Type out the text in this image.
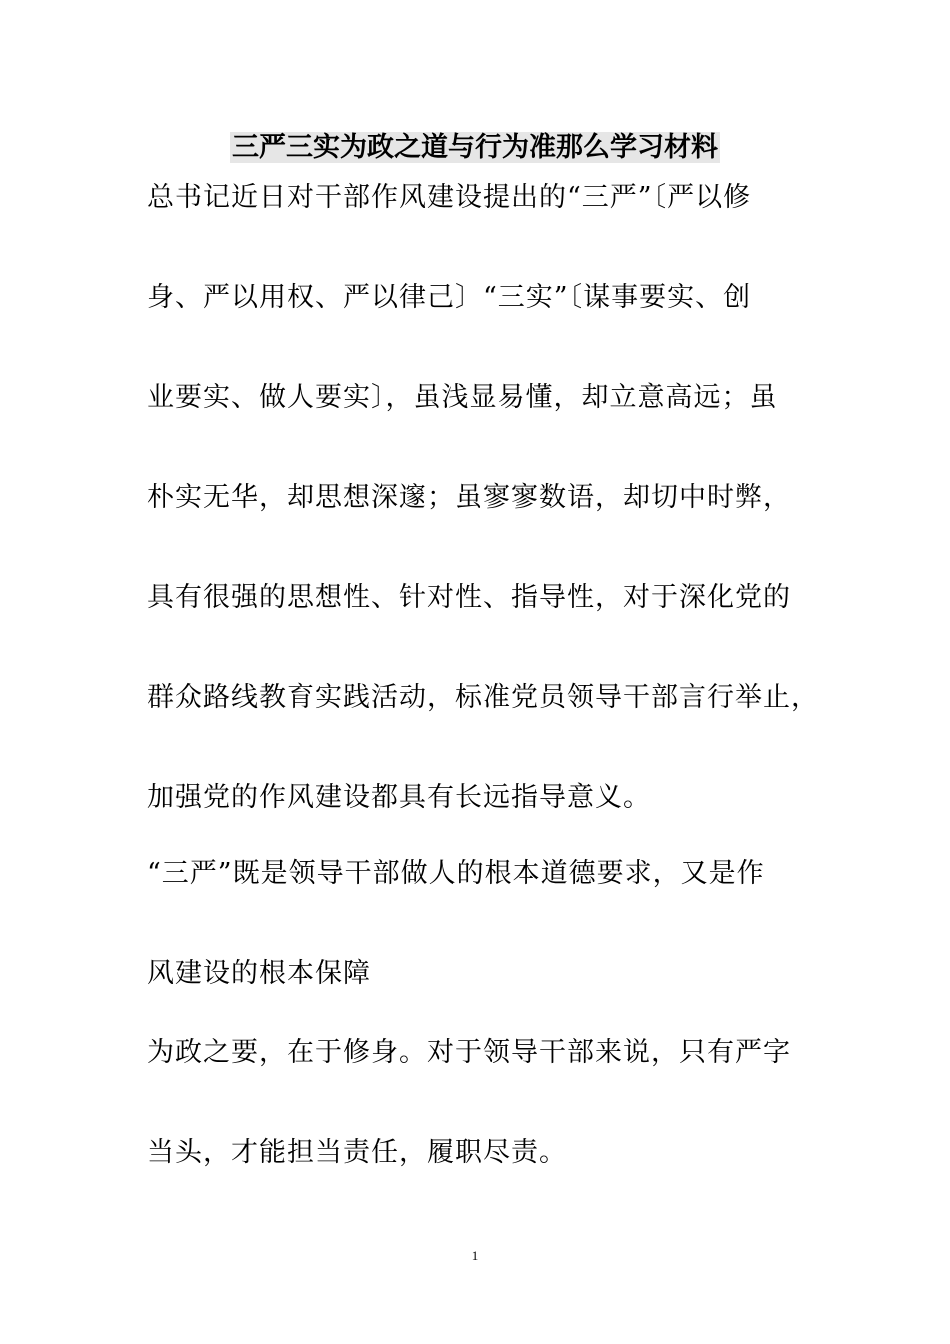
三严三实为政之道与行为准那么学习材料
总书记近日对干部作风建设提出的“三严”〔严以修
身、严以用权、严以律己〕“三实”〔谋事要实、创
业要实、做人要实〕，虽浅显易懂，却立意高远；虽
朴实无华，却思想深邃；虽寥寥数语，却切中时弊，
具有很强的思想性、针对性、指导性，对于深化党的
群众路线教育实践活动，标准党员领导干部言行举止，
加强党的作风建设都具有长远指导意义。
“三严”既是领导干部做人的根本道德要求，又是作
风建设的根本保障
为政之要，在于修身。对于领导干部来说，只有严字
当头，才能担当责任，履职尽责。
1
